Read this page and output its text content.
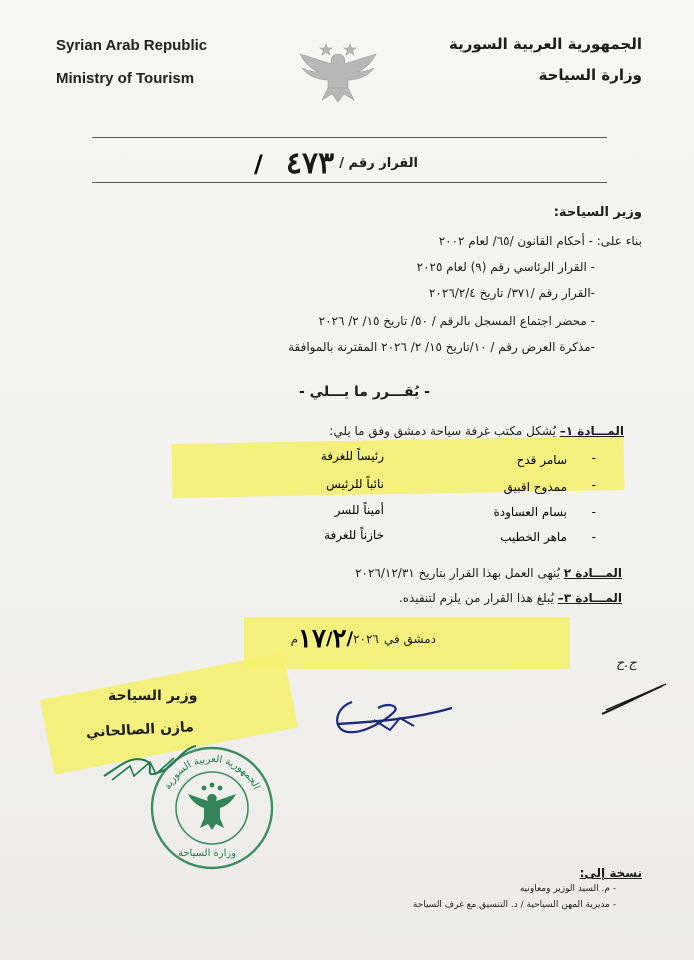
Syrian Arab Republic
Ministry of Tourism
الجمهورية العربية السورية
وزارة السياحة
القرار رقم / ٤٧٣ /
وزير السياحة:
بناء على: - أحكام القانون /٦٥/ لعام ٢٠٠٢
- القرار الرئاسي رقم (٩) لعام ٢٠٢٥
-القرار رقم /٣٧١/ تاريخ ٢٠٢٦/٢/٤
- محضر اجتماع المسجل بالرقم / ٥٠/ تاريخ ١٥/ ٢/ ٢٠٢٦
-مذكرة العرض رقم / ١٠/تاريخ ١٥/ ٢/ ٢٠٢٦ المقترنة بالموافقة
- يُقـــرر ما يـــلي -
المـــادة ١– يُشكل مكتب غرفة سياحة دمشق وفق ما يلي:
-
سامر قدح
رئيساً للغرفة
-
ممدوح اقبيق
نائباً للرئيس
-
بسام العساودة
أميناً للسر
-
ماهر الخطيب
خازناً للغرفة
المـــادة ٢ يُنهى العمل بهذا القرار بتاريخ ٢٠٢٦/١٢/٣١
المـــادة ٣– يُبلغ هذا القرار من يلزم لتنفيذه.
دمشق في ١٧/٢/٢٠٢٦م
ج.ح
وزير السياحة
مازن الصالحاني
الجمهورية العربية السورية
وزارة السياحة
نسخة إلى:
- م. السيد الوزير ومعاونيه
- مديرية المهن السياحية / د. التنسيق مع غرف السياحة
